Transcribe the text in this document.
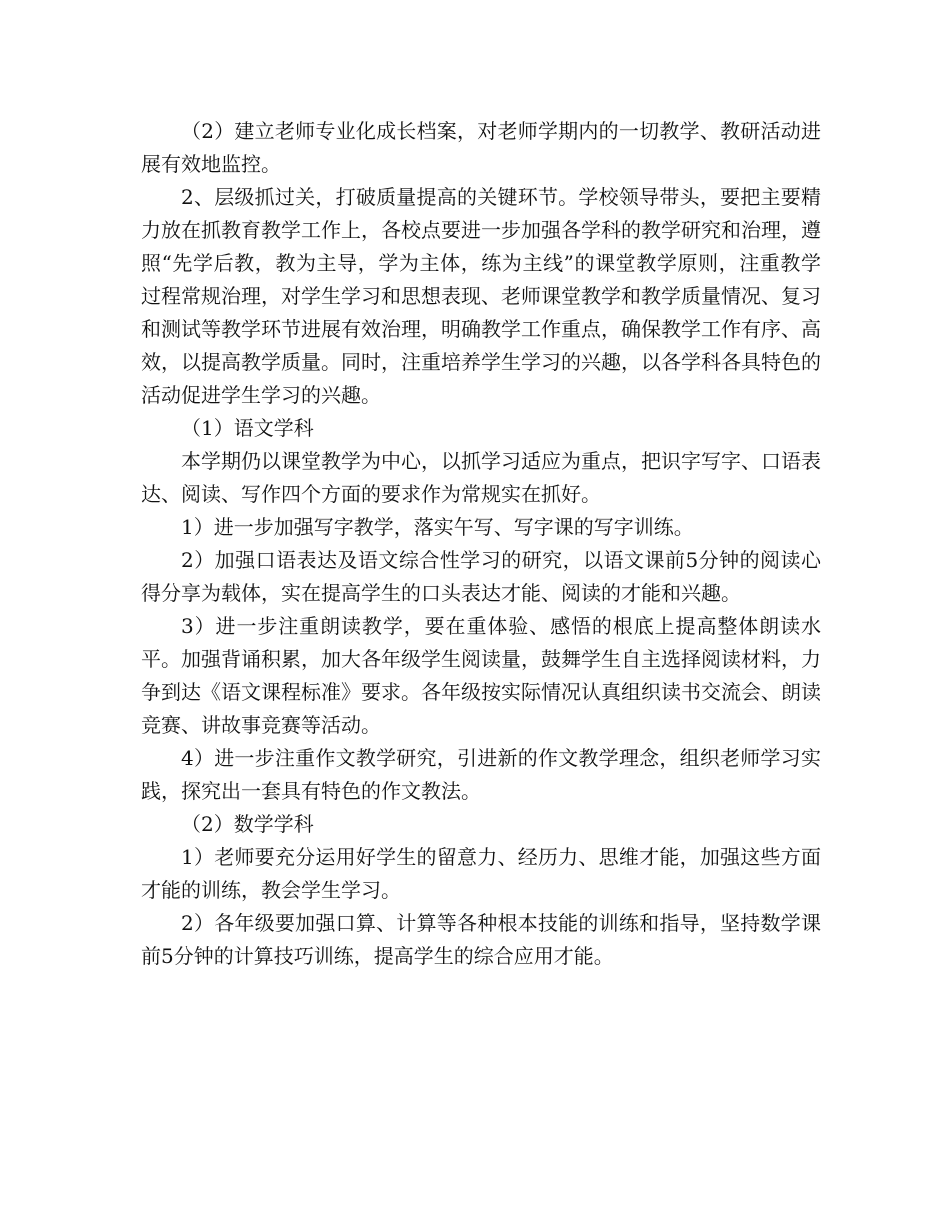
（2）建立老师专业化成长档案，对老师学期内的一切教学、教研活动进展有效地监控。

2、层级抓过关，打破质量提高的关键环节。学校领导带头，要把主要精力放在抓教育教学工作上，各校点要进一步加强各学科的教学研究和治理，遵照“先学后教，教为主导，学为主体，练为主线”的课堂教学原则，注重教学过程常规治理，对学生学习和思想表现、老师课堂教学和教学质量情况、复习和测试等教学环节进展有效治理，明确教学工作重点，确保教学工作有序、高效，以提高教学质量。同时，注重培养学生学习的兴趣，以各学科各具特色的活动促进学生学习的兴趣。

（1）语文学科

本学期仍以课堂教学为中心，以抓学习适应为重点，把识字写字、口语表达、阅读、写作四个方面的要求作为常规实在抓好。

1）进一步加强写字教学，落实午写、写字课的写字训练。

2）加强口语表达及语文综合性学习的研究，以语文课前5分钟的阅读心得分享为载体，实在提高学生的口头表达才能、阅读的才能和兴趣。

3）进一步注重朗读教学，要在重体验、感悟的根底上提高整体朗读水平。加强背诵积累，加大各年级学生阅读量，鼓舞学生自主选择阅读材料，力争到达《语文课程标准》要求。各年级按实际情况认真组织读书交流会、朗读竞赛、讲故事竞赛等活动。

4）进一步注重作文教学研究，引进新的作文教学理念，组织老师学习实践，探究出一套具有特色的作文教法。

（2）数学学科

1）老师要充分运用好学生的留意力、经历力、思维才能，加强这些方面才能的训练，教会学生学习。

2）各年级要加强口算、计算等各种根本技能的训练和指导，坚持数学课前5分钟的计算技巧训练，提高学生的综合应用才能。
